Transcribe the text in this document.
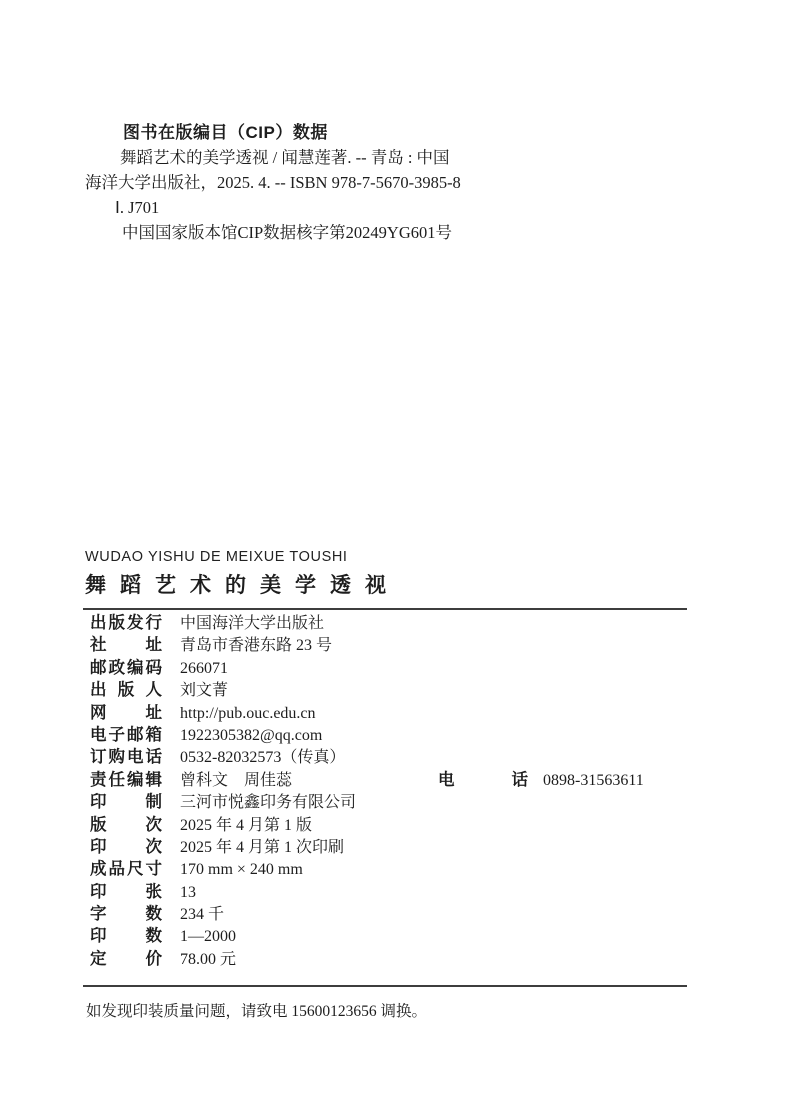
图书在版编目（CIP）数据
舞蹈艺术的美学透视 / 闻慧莲著. -- 青岛 : 中国
海洋大学出版社，2025. 4. -- ISBN 978-7-5670-3985-8
Ⅰ. J701
中国国家版本馆CIP数据核字第20249YG601号
WUDAO YISHU DE MEIXUE TOUSHI
舞蹈艺术的美学透视
出 版 发 行 中国海洋大学出版社
社 址 青岛市香港东路 23 号
邮 政 编 码 266071
出 版 人 刘文菁
网 址 http://pub.ouc.edu.cn
电 子 邮 箱 1922305382@qq.com
订 购 电 话 0532-82032573（传真）
责 任 编 辑 曾科文　周佳蕊	电	话 0898-31563611
印 制 三河市悦鑫印务有限公司
版 次 2025 年 4 月第 1 版
印 次 2025 年 4 月第 1 次印刷
成 品 尺 寸 170 mm × 240 mm
印 张 13
字 数 234 千
印 数 1—2000
定 价 78.00 元
如发现印装质量问题，请致电 15600123656 调换。
